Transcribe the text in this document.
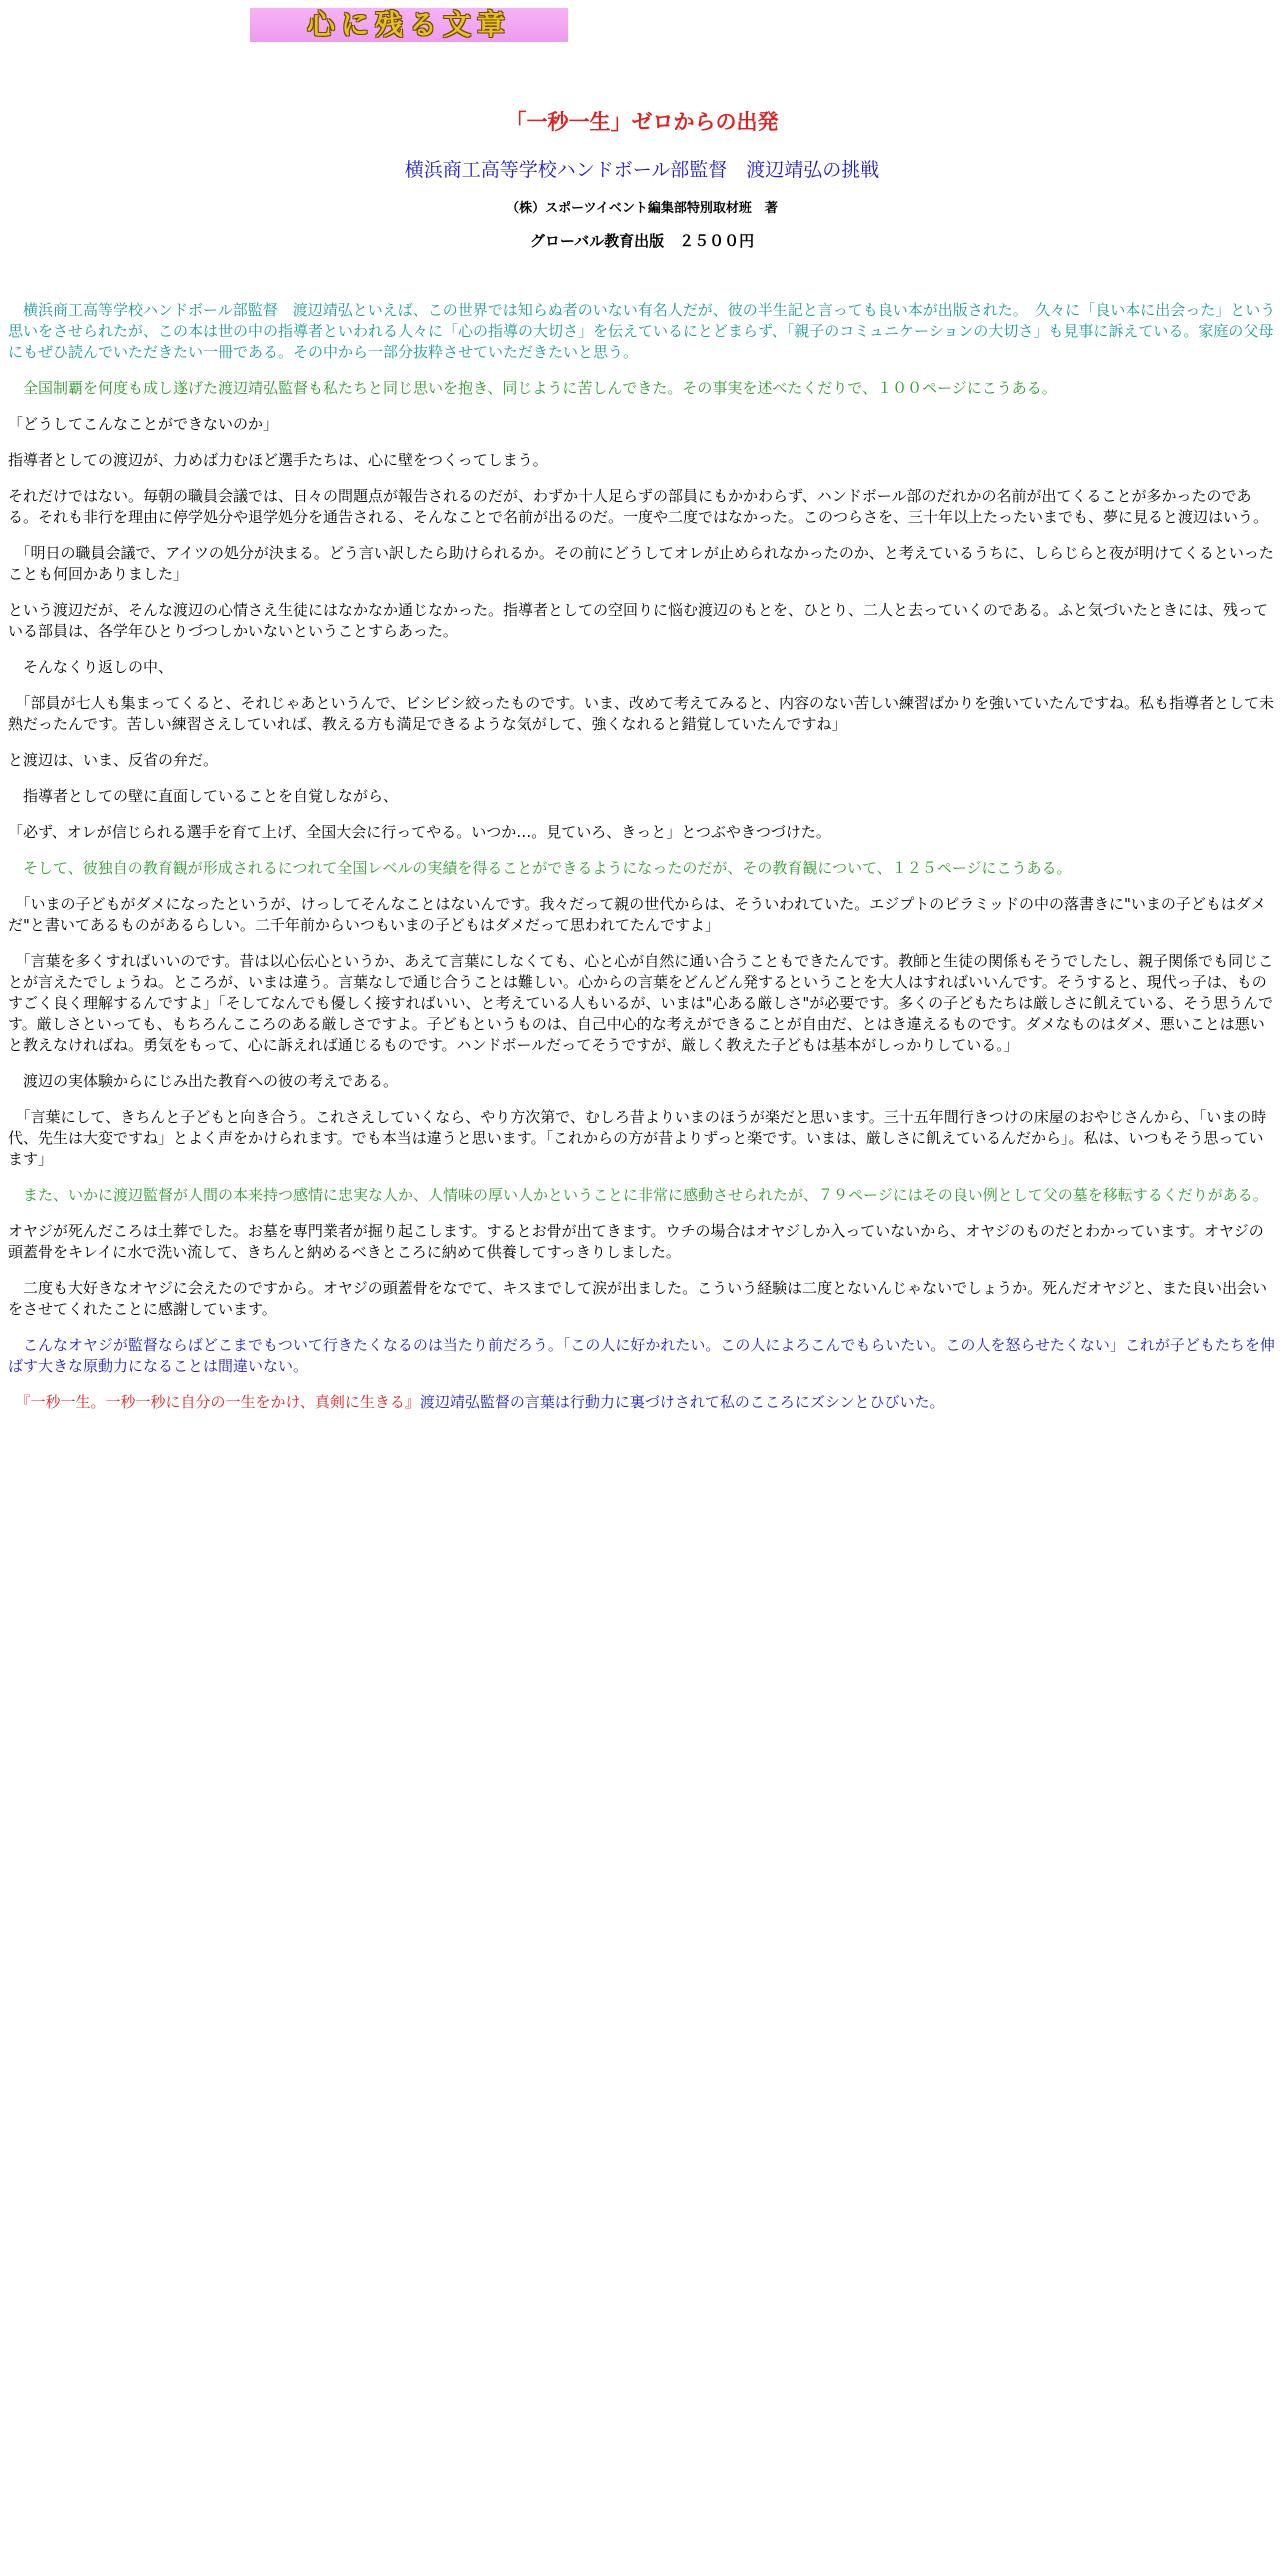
心に残る文章
「一秒一生」ゼロからの出発
横浜商工高等学校ハンドボール部監督　渡辺靖弘の挑戦
（株）スポーツイベント編集部特別取材班　著
グローバル教育出版　２５００円

　横浜商工高等学校ハンドボール部監督　渡辺靖弘といえば、この世界では知らぬ者のいない有名人だが、彼の半生記と言っても良い本が出版された。　久々に「良い本に出会った」という思いをさせられたが、この本は世の中の指導者といわれる人々に「心の指導の大切さ」を伝えているにとどまらず、「親子のコミュニケーションの大切さ」も見事に訴えている。家庭の父母にもぜひ読んでいただきたい一冊である。その中から一部分抜粋させていただきたいと思う。

　全国制覇を何度も成し遂げた渡辺靖弘監督も私たちと同じ思いを抱き、同じように苦しんできた。その事実を述べたくだりで、１００ページにこうある。

「どうしてこんなことができないのか」

指導者としての渡辺が、力めば力むほど選手たちは、心に壁をつくってしまう。

それだけではない。毎朝の職員会議では、日々の問題点が報告されるのだが、わずか十人足らずの部員にもかかわらず、ハンドボール部のだれかの名前が出てくることが多かったのである。それも非行を理由に停学処分や退学処分を通告される、そんなことで名前が出るのだ。一度や二度ではなかった。このつらさを、三十年以上たったいまでも、夢に見ると渡辺はいう。

　「明日の職員会議で、アイツの処分が決まる。どう言い訳したら助けられるか。その前にどうしてオレが止められなかったのか、と考えているうちに、しらじらと夜が明けてくるといったことも何回かありました」

という渡辺だが、そんな渡辺の心情さえ生徒にはなかなか通じなかった。指導者としての空回りに悩む渡辺のもとを、ひとり、二人と去っていくのである。ふと気づいたときには、残っている部員は、各学年ひとりづつしかいないということすらあった。

　そんなくり返しの中、

　「部員が七人も集まってくると、それじゃあというんで、ビシビシ絞ったものです。いま、改めて考えてみると、内容のない苦しい練習ばかりを強いていたんですね。私も指導者として未熟だったんです。苦しい練習さえしていれば、教える方も満足できるような気がして、強くなれると錯覚していたんですね」

と渡辺は、いま、反省の弁だ。

　指導者としての壁に直面していることを自覚しながら、

「必ず、オレが信じられる選手を育て上げ、全国大会に行ってやる。いつか…。見ていろ、きっと」とつぶやきつづけた。

　そして、彼独自の教育観が形成されるにつれて全国レベルの実績を得ることができるようになったのだが、その教育観について、１２５ページにこうある。

　「いまの子どもがダメになったというが、けっしてそんなことはないんです。我々だって親の世代からは、そういわれていた。エジプトのピラミッドの中の落書きに"いまの子どもはダメだ"と書いてあるものがあるらしい。二千年前からいつもいまの子どもはダメだって思われてたんですよ」

　「言葉を多くすればいいのです。昔は以心伝心というか、あえて言葉にしなくても、心と心が自然に通い合うこともできたんです。教師と生徒の関係もそうでしたし、親子関係でも同じことが言えたでしょうね。ところが、いまは違う。言葉なしで通じ合うことは難しい。心からの言葉をどんどん発するということを大人はすればいいんです。そうすると、現代っ子は、ものすごく良く理解するんですよ」「そしてなんでも優しく接すればいい、と考えている人もいるが、いまは"心ある厳しさ"が必要です。多くの子どもたちは厳しさに飢えている、そう思うんです。厳しさといっても、もちろんこころのある厳しさですよ。子どもというものは、自己中心的な考えができることが自由だ、とはき違えるものです。ダメなものはダメ、悪いことは悪いと教えなければね。勇気をもって、心に訴えれば通じるものです。ハンドボールだってそうですが、厳しく教えた子どもは基本がしっかりしている。」

　渡辺の実体験からにじみ出た教育への彼の考えである。

　「言葉にして、きちんと子どもと向き合う。これさえしていくなら、やり方次第で、むしろ昔よりいまのほうが楽だと思います。三十五年間行きつけの床屋のおやじさんから、「いまの時代、先生は大変ですね」とよく声をかけられます。でも本当は違うと思います。「これからの方が昔よりずっと楽です。いまは、厳しさに飢えているんだから」。私は、いつもそう思っています」

　また、いかに渡辺監督が人間の本来持つ感情に忠実な人か、人情味の厚い人かということに非常に感動させられたが、７９ページにはその良い例として父の墓を移転するくだりがある。

オヤジが死んだころは土葬でした。お墓を専門業者が掘り起こします。するとお骨が出てきます。ウチの場合はオヤジしか入っていないから、オヤジのものだとわかっています。オヤジの頭蓋骨をキレイに水で洗い流して、きちんと納めるべきところに納めて供養してすっきりしました。

　二度も大好きなオヤジに会えたのですから。オヤジの頭蓋骨をなでて、キスまでして涙が出ました。こういう経験は二度とないんじゃないでしょうか。死んだオヤジと、また良い出会いをさせてくれたことに感謝しています。

　こんなオヤジが監督ならばどこまでもついて行きたくなるのは当たり前だろう。「この人に好かれたい。この人によろこんでもらいたい。この人を怒らせたくない」これが子どもたちを伸ばす大きな原動力になることは間違いない。

　『一秒一生。一秒一秒に自分の一生をかけ、真剣に生きる』渡辺靖弘監督の言葉は行動力に裏づけされて私のこころにズシンとひびいた。
